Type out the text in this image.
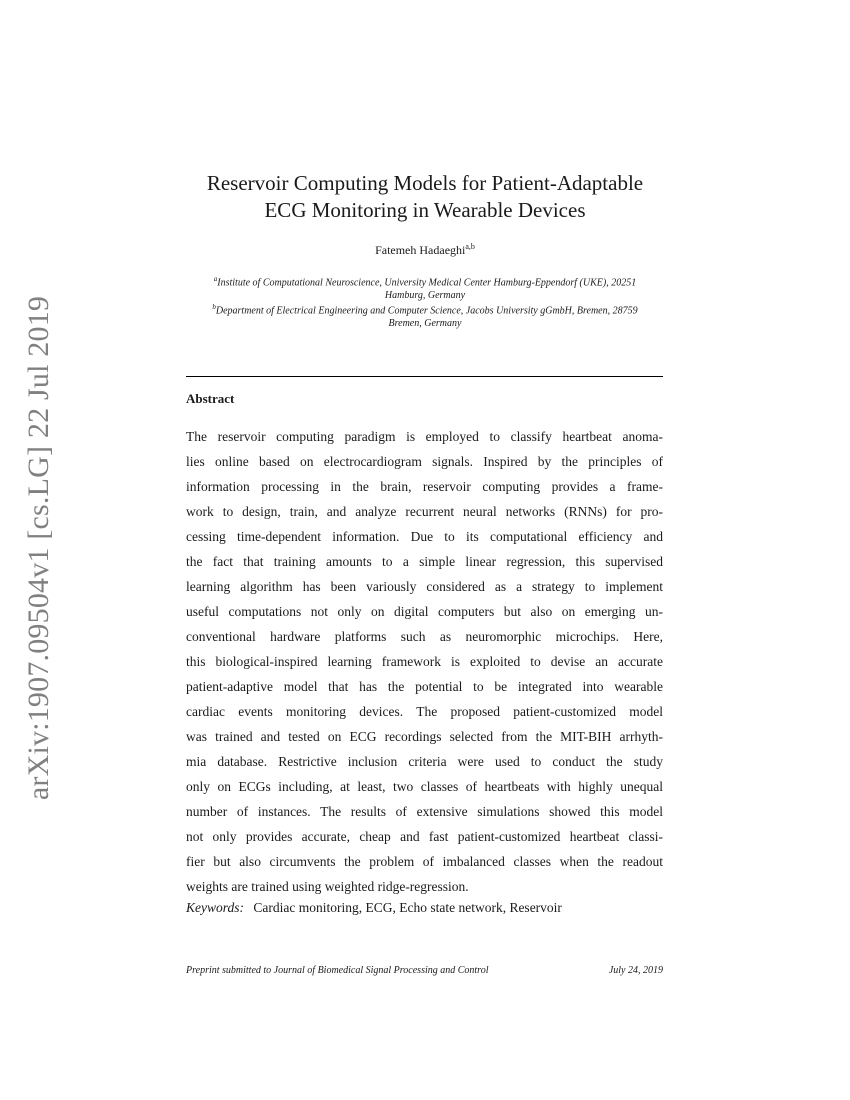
arXiv:1907.09504v1 [cs.LG] 22 Jul 2019
Reservoir Computing Models for Patient-Adaptable
ECG Monitoring in Wearable Devices
Fatemeh Hadaeghi$^{a,b}$
$^a$Institute of Computational Neuroscience, University Medical Center Hamburg-Eppendorf (UKE), 20251
Hamburg, Germany
$^b$Department of Electrical Engineering and Computer Science, Jacobs University gGmbH, Bremen, 28759
Bremen, Germany
Abstract
The reservoir computing paradigm is employed to classify heartbeat anoma-
lies online based on electrocardiogram signals. Inspired by the principles of
information processing in the brain, reservoir computing provides a frame-
work to design, train, and analyze recurrent neural networks (RNNs) for pro-
cessing time-dependent information. Due to its computational efficiency and
the fact that training amounts to a simple linear regression, this supervised
learning algorithm has been variously considered as a strategy to implement
useful computations not only on digital computers but also on emerging un-
conventional hardware platforms such as neuromorphic microchips. Here,
this biological-inspired learning framework is exploited to devise an accurate
patient-adaptive model that has the potential to be integrated into wearable
cardiac events monitoring devices. The proposed patient-customized model
was trained and tested on ECG recordings selected from the MIT-BIH arrhyth-
mia database. Restrictive inclusion criteria were used to conduct the study
only on ECGs including, at least, two classes of heartbeats with highly unequal
number of instances. The results of extensive simulations showed this model
not only provides accurate, cheap and fast patient-customized heartbeat classi-
fier but also circumvents the problem of imbalanced classes when the readout
weights are trained using weighted ridge-regression.
Keywords: Cardiac monitoring, ECG, Echo state network, Reservoir
Preprint submitted to Journal of Biomedical Signal Processing and Control	July 24, 2019
